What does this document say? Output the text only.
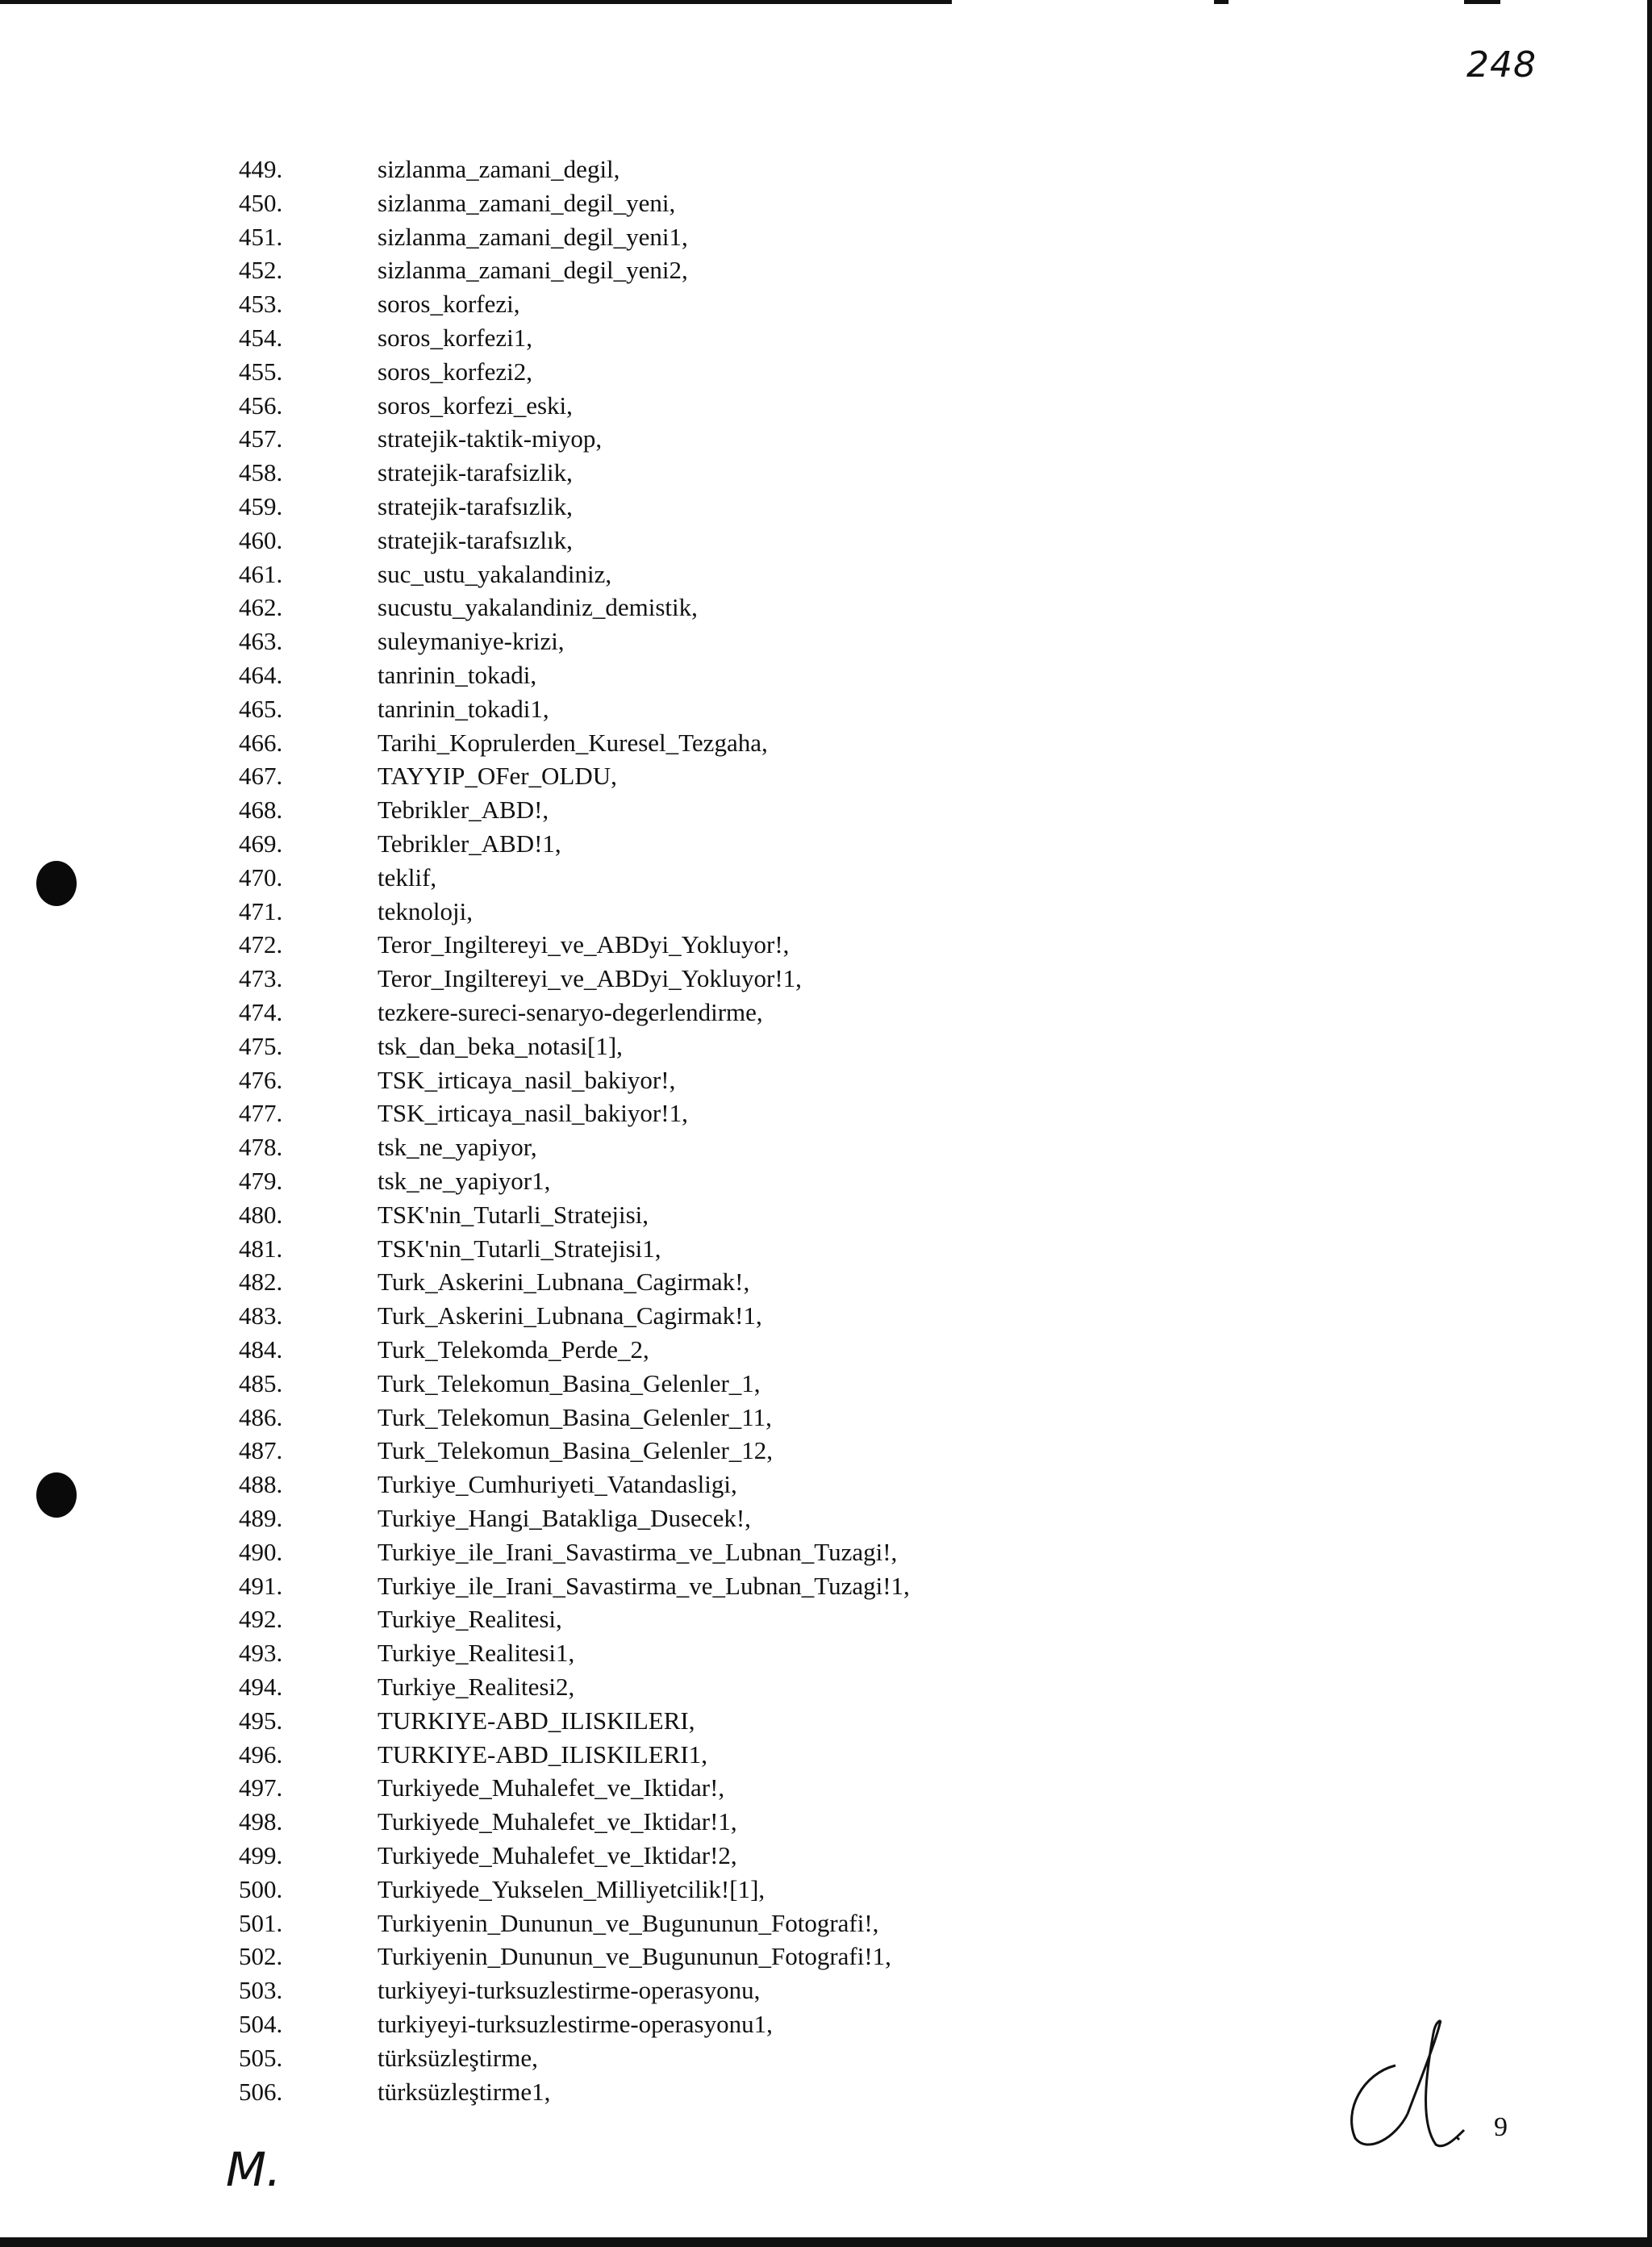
248
449.	sizlanma_zamani_degil,
450.	sizlanma_zamani_degil_yeni,
451.	sizlanma_zamani_degil_yeni1,
452.	sizlanma_zamani_degil_yeni2,
453.	soros_korfezi,
454.	soros_korfezi1,
455.	soros_korfezi2,
456.	soros_korfezi_eski,
457.	stratejik-taktik-miyop,
458.	stratejik-tarafsizlik,
459.	stratejik-tarafsızlik,
460.	stratejik-tarafsızlık,
461.	suc_ustu_yakalandiniz,
462.	sucustu_yakalandiniz_demistik,
463.	suleymaniye-krizi,
464.	tanrinin_tokadi,
465.	tanrinin_tokadi1,
466.	Tarihi_Koprulerden_Kuresel_Tezgaha,
467.	TAYYIP_OFer_OLDU,
468.	Tebrikler_ABD!,
469.	Tebrikler_ABD!1,
470.	teklif,
471.	teknoloji,
472.	Teror_Ingiltereyi_ve_ABDyi_Yokluyor!,
473.	Teror_Ingiltereyi_ve_ABDyi_Yokluyor!1,
474.	tezkere-sureci-senaryo-degerlendirme,
475.	tsk_dan_beka_notasi[1],
476.	TSK_irticaya_nasil_bakiyor!,
477.	TSK_irticaya_nasil_bakiyor!1,
478.	tsk_ne_yapiyor,
479.	tsk_ne_yapiyor1,
480.	TSK'nin_Tutarli_Stratejisi,
481.	TSK'nin_Tutarli_Stratejisi1,
482.	Turk_Askerini_Lubnana_Cagirmak!,
483.	Turk_Askerini_Lubnana_Cagirmak!1,
484.	Turk_Telekomda_Perde_2,
485.	Turk_Telekomun_Basina_Gelenler_1,
486.	Turk_Telekomun_Basina_Gelenler_11,
487.	Turk_Telekomun_Basina_Gelenler_12,
488.	Turkiye_Cumhuriyeti_Vatandasligi,
489.	Turkiye_Hangi_Batakliga_Dusecek!,
490.	Turkiye_ile_Irani_Savastirma_ve_Lubnan_Tuzagi!,
491.	Turkiye_ile_Irani_Savastirma_ve_Lubnan_Tuzagi!1,
492.	Turkiye_Realitesi,
493.	Turkiye_Realitesi1,
494.	Turkiye_Realitesi2,
495.	TURKIYE-ABD_ILISKILERI,
496.	TURKIYE-ABD_ILISKILERI1,
497.	Turkiyede_Muhalefet_ve_Iktidar!,
498.	Turkiyede_Muhalefet_ve_Iktidar!1,
499.	Turkiyede_Muhalefet_ve_Iktidar!2,
500.	Turkiyede_Yukselen_Milliyetcilik![1],
501.	Turkiyenin_Dununun_ve_Bugununun_Fotografi!,
502.	Turkiyenin_Dununun_ve_Bugununun_Fotografi!1,
503.	turkiyeyi-turksuzlestirme-operasyonu,
504.	turkiyeyi-turksuzlestirme-operasyonu1,
505.	türksüzleştirme,
506.	türksüzleştirme1,
M.
9
